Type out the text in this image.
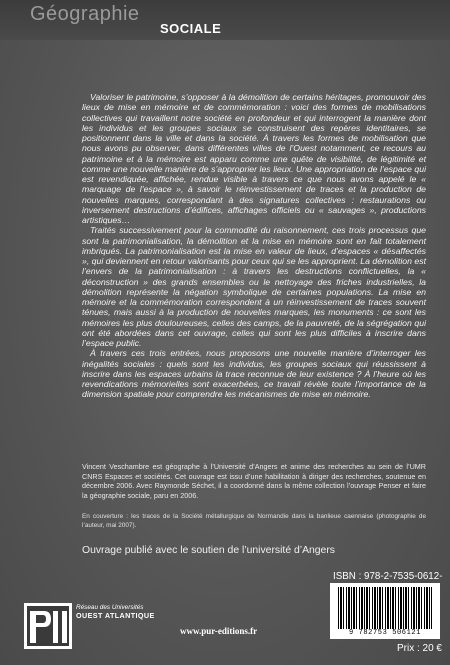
Géographie
SOCIALE

Valoriser le patrimoine, s’opposer à la démolition de certains héritages, promouvoir des lieux de mise en mémoire et de commémoration : voici des formes de mobilisations collectives qui travaillent notre société en profondeur et qui interrogent la manière dont les individus et les groupes sociaux se construisent des repères identitaires, se positionnent dans la ville et dans la société. À travers les formes de mobilisation que nous avons pu observer, dans différentes villes de l’Ouest notamment, ce recours au patrimoine et à la mémoire est apparu comme une quête de visibilité, de légitimité et comme une nouvelle manière de s’approprier les lieux. Une appropriation de l’espace qui est revendiquée, affichée, rendue visible à travers ce que nous avons appelé le « marquage de l’espace », à savoir le réinvestissement de traces et la production de nouvelles marques, correspondant à des signatures collectives : restaurations ou inversement destructions d’édifices, affichages officiels ou « sauvages », productions artistiques…

Traités successivement pour la commodité du raisonnement, ces trois processus que sont la patrimonialisation, la démolition et la mise en mémoire sont en fait totalement imbriqués. La patrimonialisation est la mise en valeur de lieux, d’espaces « désaffectés », qui deviennent en retour valorisants pour ceux qui se les approprient. La démolition est l’envers de la patrimonialisation : à travers les destructions conflictuelles, la « déconstruction » des grands ensembles ou le nettoyage des friches industrielles, la démolition représente la négation symbolique de certaines populations. La mise en mémoire et la commémoration correspondent à un réinvestissement de traces souvent ténues, mais aussi à la production de nouvelles marques, les monuments : ce sont les mémoires les plus douloureuses, celles des camps, de la pauvreté, de la ségrégation qui ont été abordées dans cet ouvrage, celles qui sont les plus difficiles à inscrire dans l’espace public.

À travers ces trois entrées, nous proposons une nouvelle manière d’interroger les inégalités sociales : quels sont les individus, les groupes sociaux qui réussissent à inscrire dans les espaces urbains la trace reconnue de leur existence ? À l’heure où les revendications mémorielles sont exacerbées, ce travail révèle toute l’importance de la dimension spatiale pour comprendre les mécanismes de mise en mémoire.

Vincent Veschambre est géographe à l’Université d’Angers et anime des recherches au sein de l’UMR CNRS Espaces et sociétés. Cet ouvrage est issu d’une habilitation à diriger des recherches, soutenue en décembre 2006. Avec Raymonde Séchet, il a coordonné dans la même collection l’ouvrage Penser et faire la géographie sociale, paru en 2006.

En couverture : les traces de la Société métallurgique de Normandie dans la banlieue caennaise (photographie de l’auteur, mai 2007).
Ouvrage publié avec le soutien de l’université d’Angers
ISBN : 978-2-7535-0612-
9 782753 506121
Prix : 20 €
Réseau des Universités
OUEST ATLANTIQUE
www.pur-editions.fr
